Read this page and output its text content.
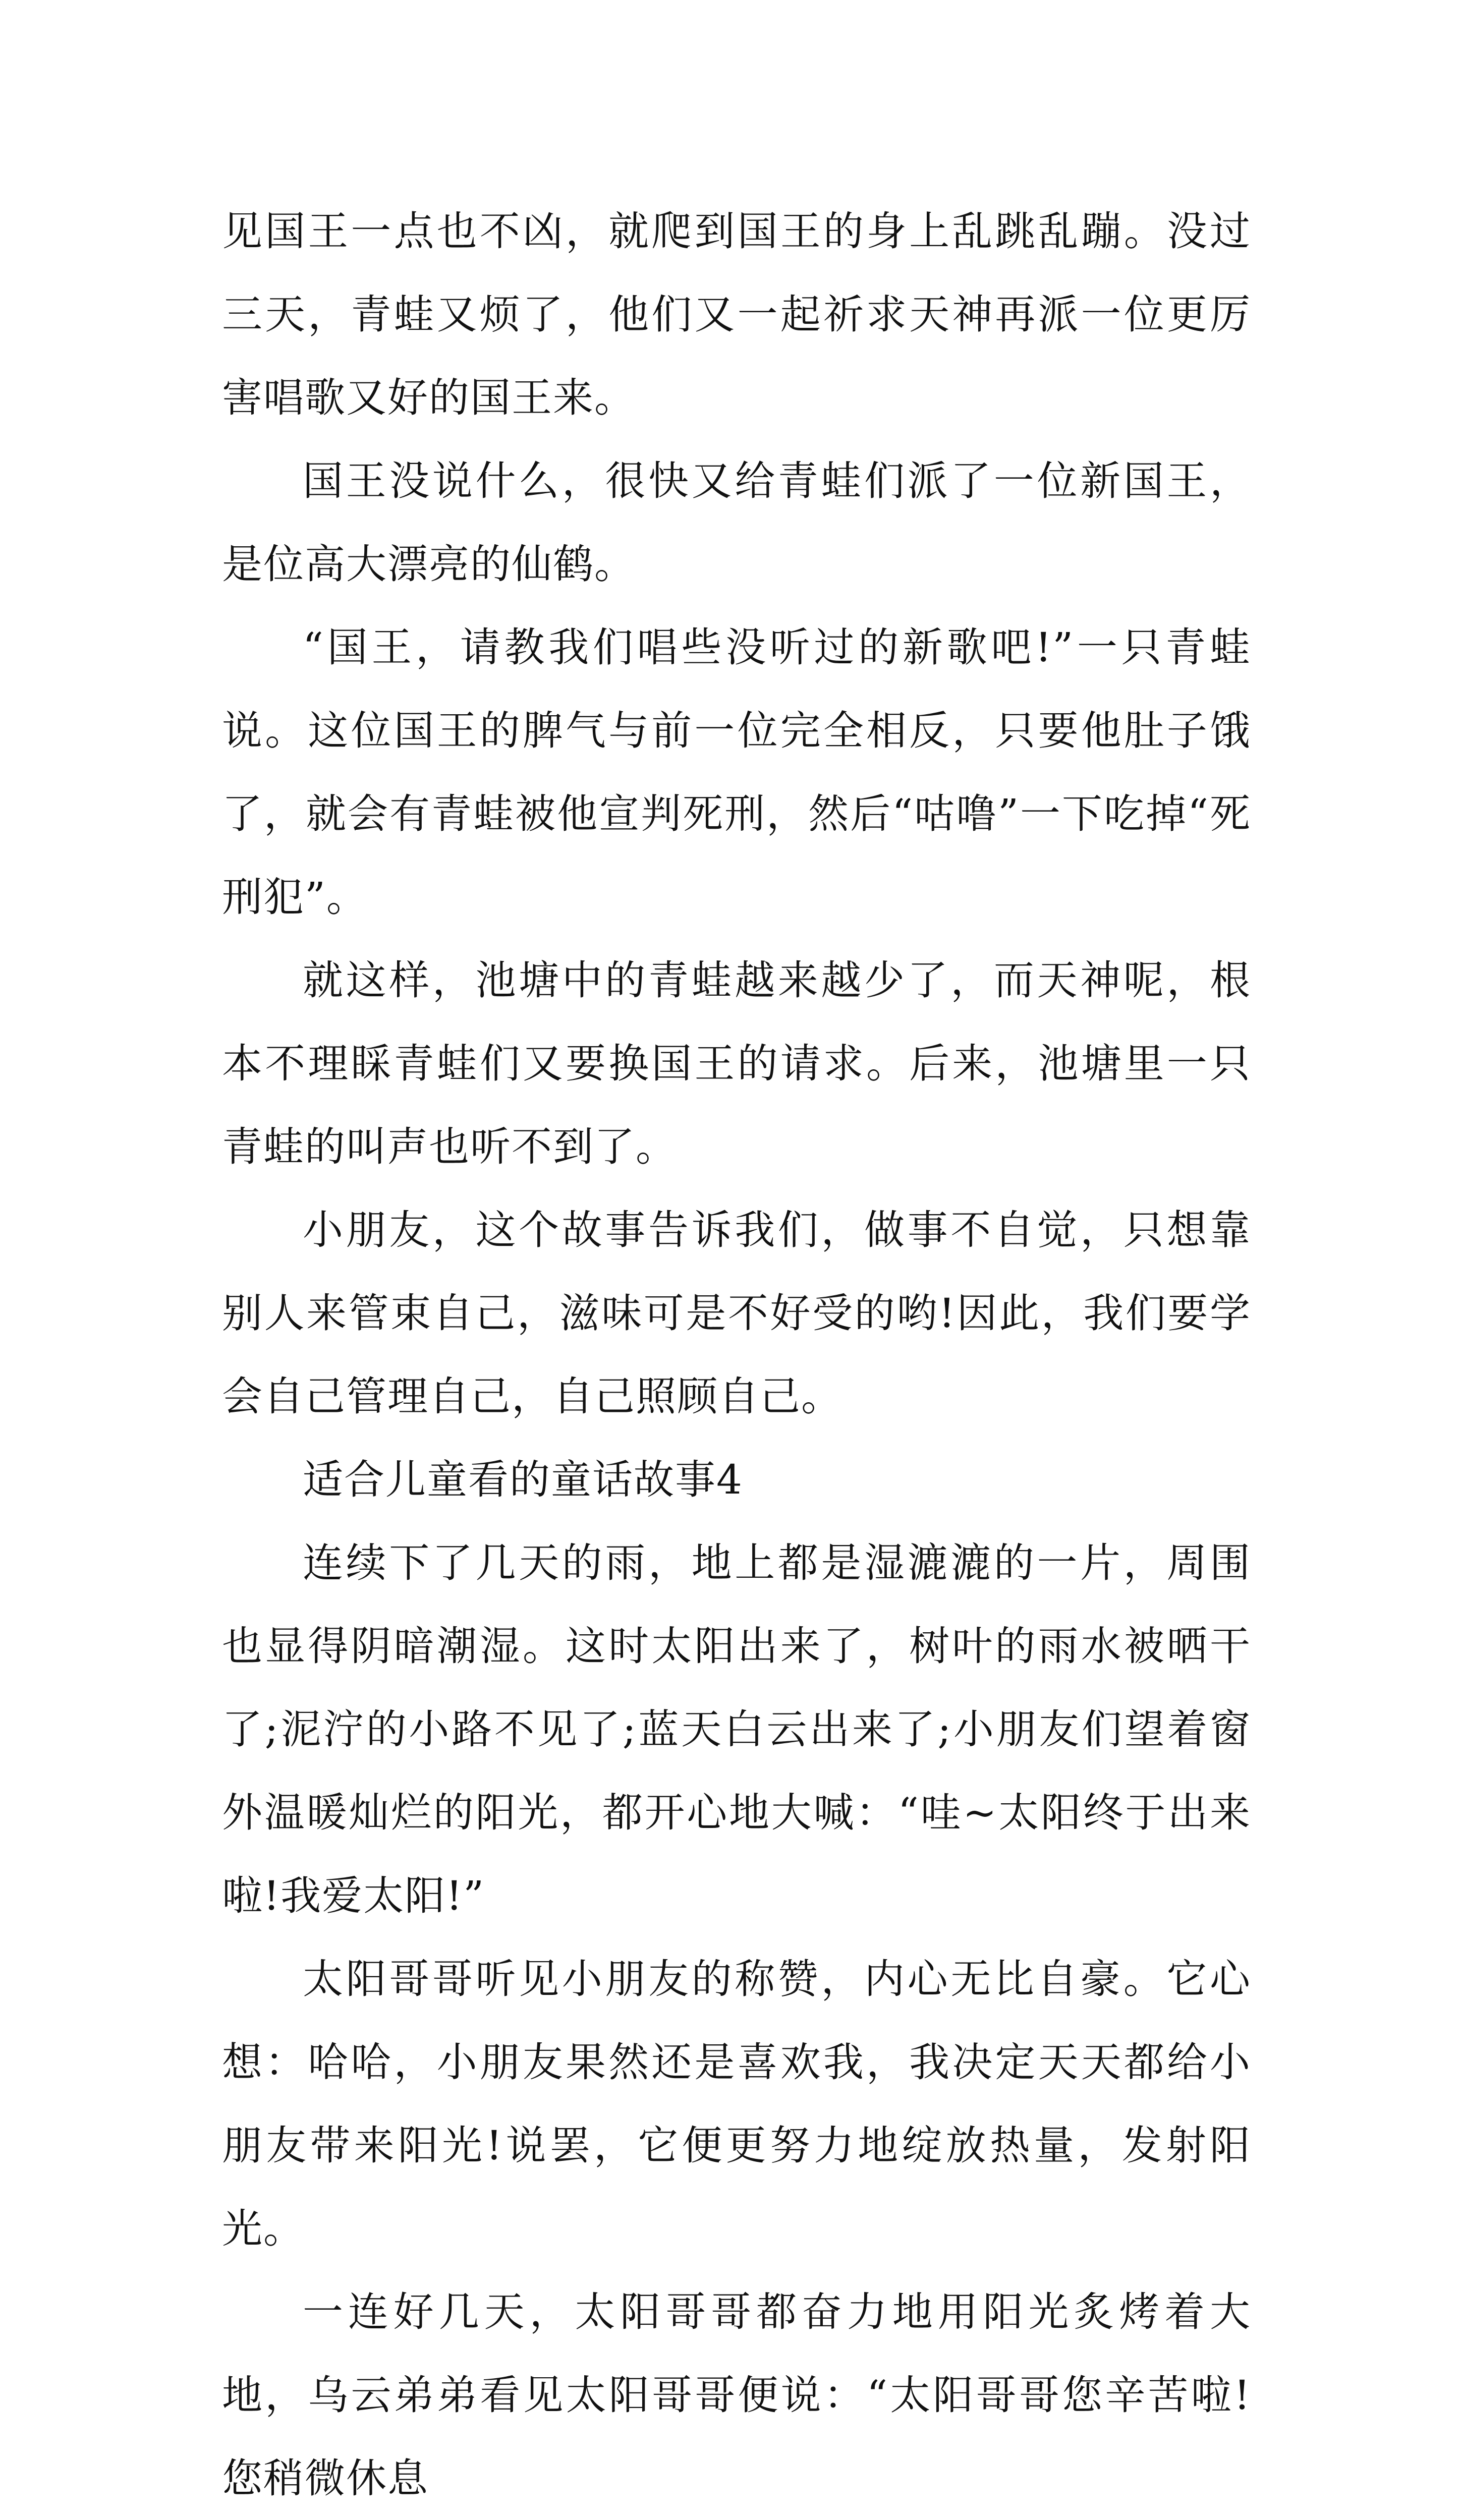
见国王一点也不凶，就爬到国王的身上乱跳乱蹦。没过三天，青蛙又烦了，他们又一起祈求天神再派一位更厉害唱歌又好的国王来。

国王没说什么，很快又给青蛙们派了一位新国王，是位高大漂亮的仙鹤。

“国王，请教我们唱些没听过的新歌吧!”一只青蛙说。这位国王的脾气与前一位完全相反，只要他肚子饿了，就会有青蛙被他宣判死刑，然后“咕噜”一下吃掉“死刑犯”。

就这样，池塘中的青蛙越来越少了，而天神呢，根本不理睬青蛙们又要换国王的请求。后来，池塘里一只青蛙的叫声也听不到了。

小朋友，这个故事告诉我们，做事不自觉，只想靠别人来管束自己，滋味可是不好受的哟!因此，我们要学会自己管理自己，自己照顾自己。

适合儿童看的童话故事4

连续下了几天的雨，地上都是湿漉漉的一片，周围也显得阴暗潮湿。这时太阳出来了，树叶的雨水被晒干了;泥泞的小路不见了;蓝天白云出来了;小朋友们望着窗外温暖灿烂的阳光，都开心地大喊：“哇~太阳终于出来啦!我爱太阳!”

太阳哥哥听见小朋友的称赞，内心无比自豪。它心想：哈哈，小朋友果然还是喜欢我，我决定天天都给小朋友带来阳光!说罢，它便更努力地绽放热量，发射阳光。

一连好几天，太阳哥哥都奋力地用阳光炙烤着大地，乌云弟弟看见太阳哥哥便说：“太阳哥哥您辛苦啦!您稍微休息
